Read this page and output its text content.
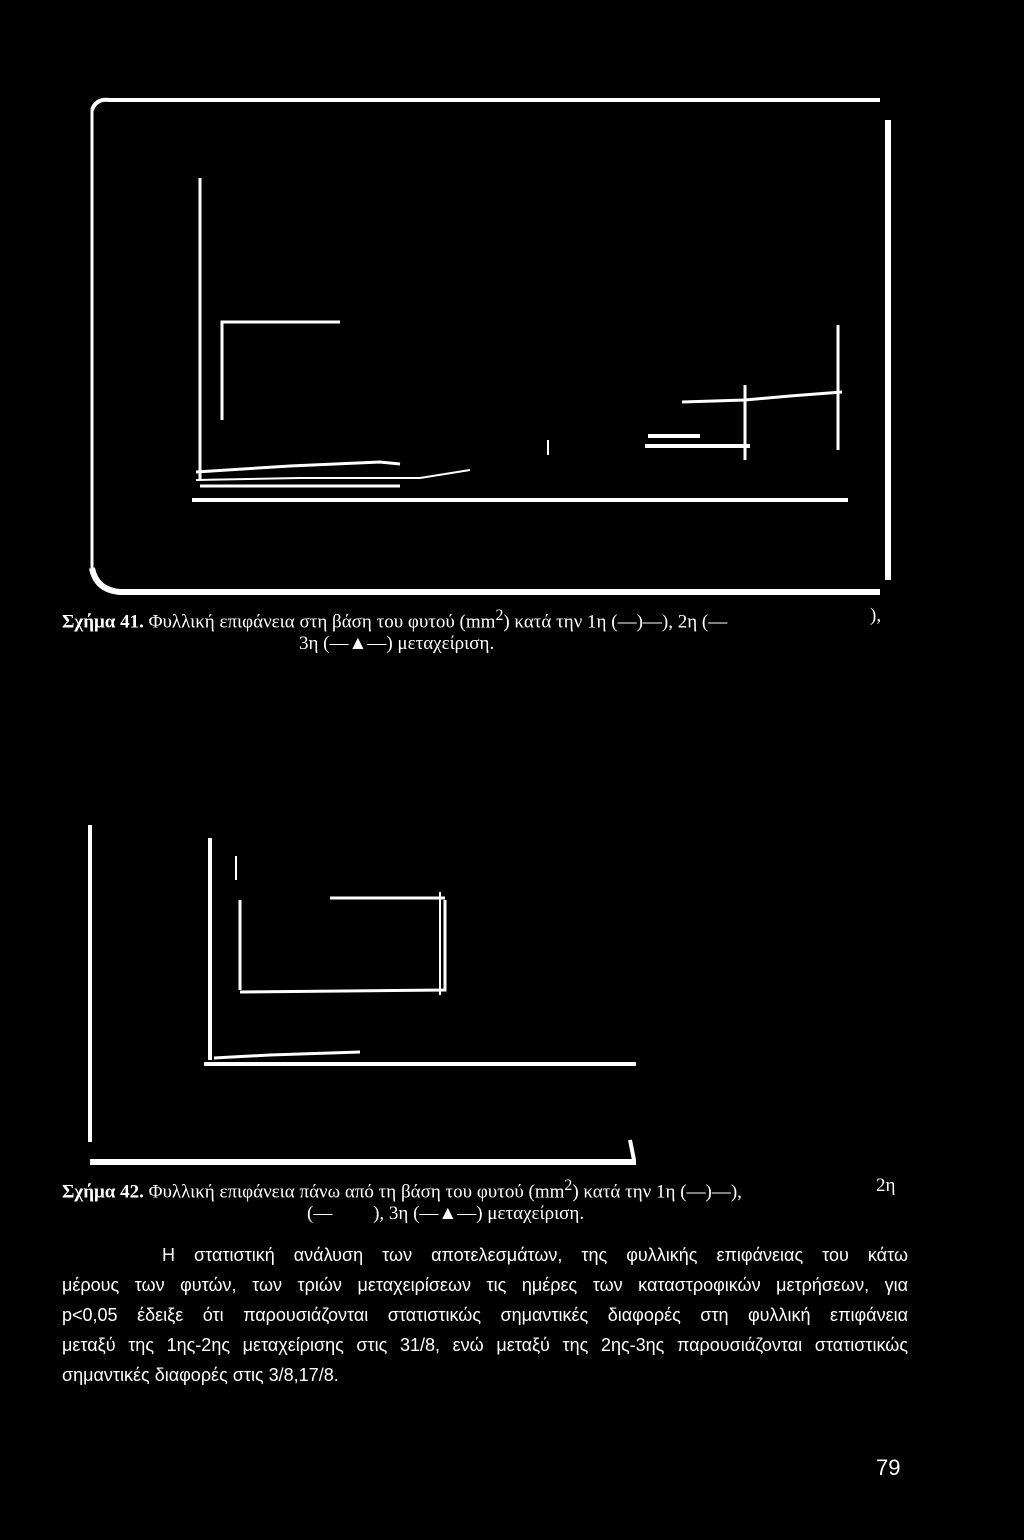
Σχήμα 41. Φυλλική επιφάνεια στη βάση του φυτού $(mm^2)$ κατά την 1η (—)—), 2η (—	),
3η (—▲—) μεταχείριση.
Σχήμα 42. Φυλλική επιφάνεια πάνω από τη βάση του φυτού $(mm^2)$ κατά την 1η (—)—),	2η
(— ), 3η (—▲—) μεταχείριση.
Η στατιστική ανάλυση των αποτελεσμάτων, της φυλλικής επιφάνειας του κάτω
μέρους των φυτών, των τριών μεταχειρίσεων τις ημέρες των καταστροφικών μετρήσεων, για
p<0,05 έδειξε ότι παρουσιάζονται στατιστικώς σημαντικές διαφορές στη φυλλική επιφάνεια
μεταξύ της 1ης-2ης μεταχείρισης στις 31/8, ενώ μεταξύ της 2ης-3ης παρουσιάζονται στατιστικώς
σημαντικές διαφορές στις 3/8,17/8.
79
